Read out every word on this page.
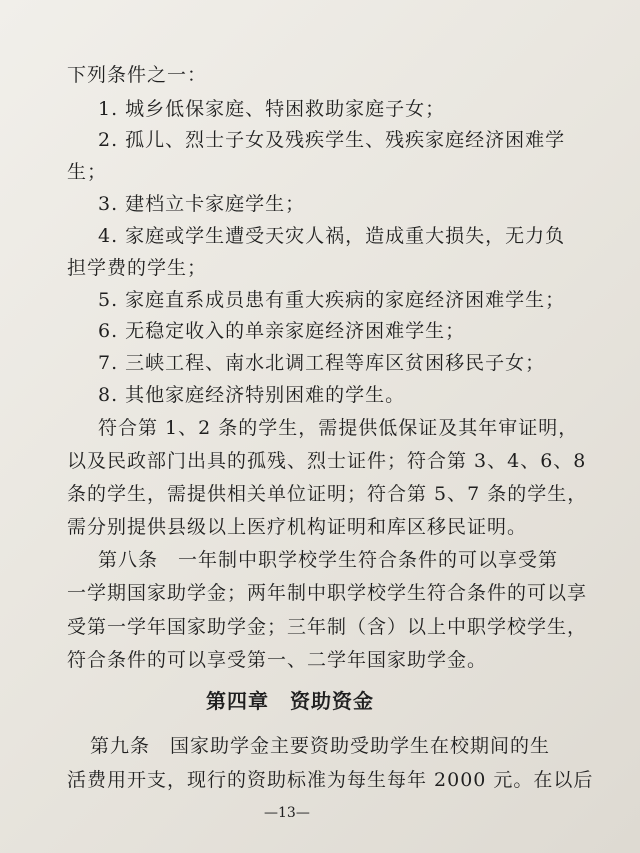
下列条件之一：
1. 城乡低保家庭、特困救助家庭子女；
2. 孤儿、烈士子女及残疾学生、残疾家庭经济困难学
生；
3. 建档立卡家庭学生；
4. 家庭或学生遭受天灾人祸，造成重大损失，无力负
担学费的学生；
5. 家庭直系成员患有重大疾病的家庭经济困难学生；
6. 无稳定收入的单亲家庭经济困难学生；
7. 三峡工程、南水北调工程等库区贫困移民子女；
8. 其他家庭经济特别困难的学生。
符合第 1、2 条的学生，需提供低保证及其年审证明，
以及民政部门出具的孤残、烈士证件；符合第 3、4、6、8
条的学生，需提供相关单位证明；符合第 5、7 条的学生，
需分别提供县级以上医疗机构证明和库区移民证明。
第八条　一年制中职学校学生符合条件的可以享受第
一学期国家助学金；两年制中职学校学生符合条件的可以享
受第一学年国家助学金；三年制（含）以上中职学校学生，
符合条件的可以享受第一、二学年国家助学金。
第四章　资助资金
第九条　国家助学金主要资助受助学生在校期间的生
活费用开支，现行的资助标准为每生每年 2000 元。在以后
—13—
